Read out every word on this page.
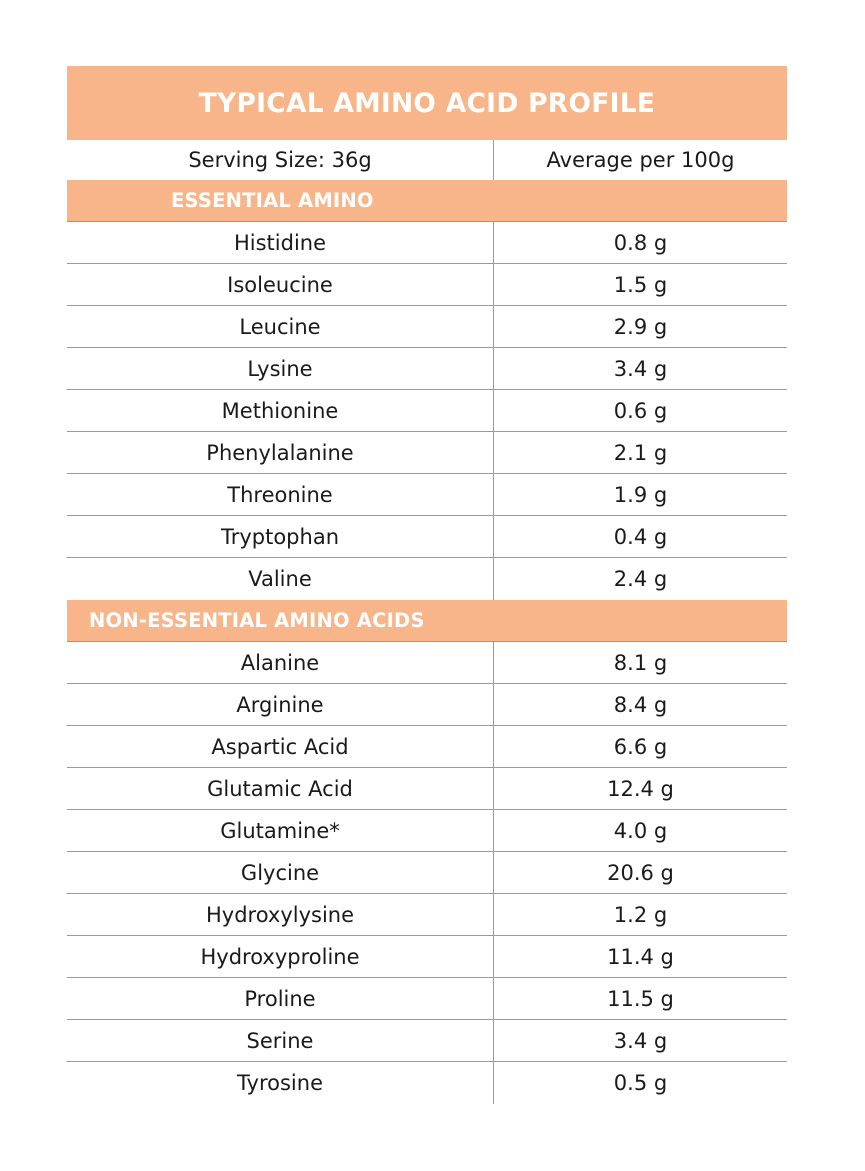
TYPICAL AMINO ACID PROFILE
Serving Size: 36g	Average per 100g
ESSENTIAL AMINO
Histidine	0.8 g
Isoleucine	1.5 g
Leucine	2.9 g
Lysine	3.4 g
Methionine	0.6 g
Phenylalanine	2.1 g
Threonine	1.9 g
Tryptophan	0.4 g
Valine	2.4 g
NON-ESSENTIAL AMINO ACIDS
Alanine	8.1 g
Arginine	8.4 g
Aspartic Acid	6.6 g
Glutamic Acid	12.4 g
Glutamine*	4.0 g
Glycine	20.6 g
Hydroxylysine	1.2 g
Hydroxyproline	11.4 g
Proline	11.5 g
Serine	3.4 g
Tyrosine	0.5 g
